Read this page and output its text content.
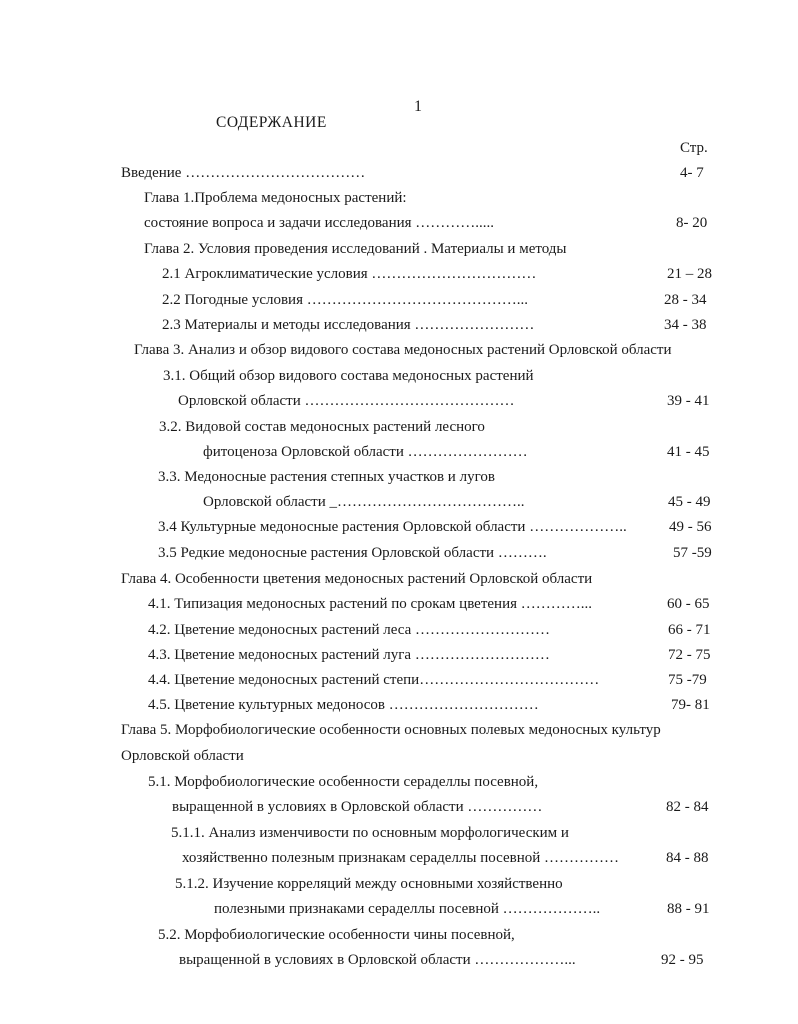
1
СОДЕРЖАНИЕ
Стр.
Введение ………………………………
Глава 1.Проблема медоносных растений:
состояние вопроса и задачи исследования ………….....
Глава 2. Условия проведения исследований . Материалы и методы
2.1 Агроклиматические условия ……………………………
2.2 Погодные условия ……………………………………...
2.3 Материалы и методы исследования ……………………
Глава 3. Анализ и обзор видового состава медоносных растений Орловской области
3.1. Общий обзор видового состава медоносных растений
Орловской области ……………………………………
3.2. Видовой состав медоносных растений лесного
фитоценоза Орловской области ……………………
3.3. Медоносные растения степных участков и лугов
Орловской области _………………………………..
3.4 Культурные медоносные растения Орловской области ………………..
3.5 Редкие медоносные растения Орловской области ……….
Глава 4. Особенности цветения медоносных растений Орловской области
4.1. Типизация медоносных растений по срокам цветения …………...
4.2. Цветение медоносных растений леса ………………………
4.3. Цветение медоносных растений луга ………………………
4.4. Цветение медоносных растений степи………………………………
4.5. Цветение культурных медоносов …………………………
Глава 5. Морфобиологические особенности основных полевых медоносных культур
Орловской области
5.1. Морфобиологические особенности сераделлы посевной,
выращенной в условиях в Орловской области ……………
5.1.1. Анализ изменчивости по основным морфологическим и
хозяйственно полезным признакам сераделлы посевной ……………
5.1.2. Изучение корреляций между основными хозяйственно
полезными признаками сераделлы посевной ………………..
5.2. Морфобиологические особенности чины посевной,
выращенной в условиях в Орловской области ………………...
4- 7
8- 20
21 – 28
28 - 34
34 - 38
39 - 41
41 - 45
45 - 49
49 - 56
57 -59
60 - 65
66 - 71
72 - 75
75 -79
79- 81
82 - 84
84 - 88
88 - 91
92 - 95
